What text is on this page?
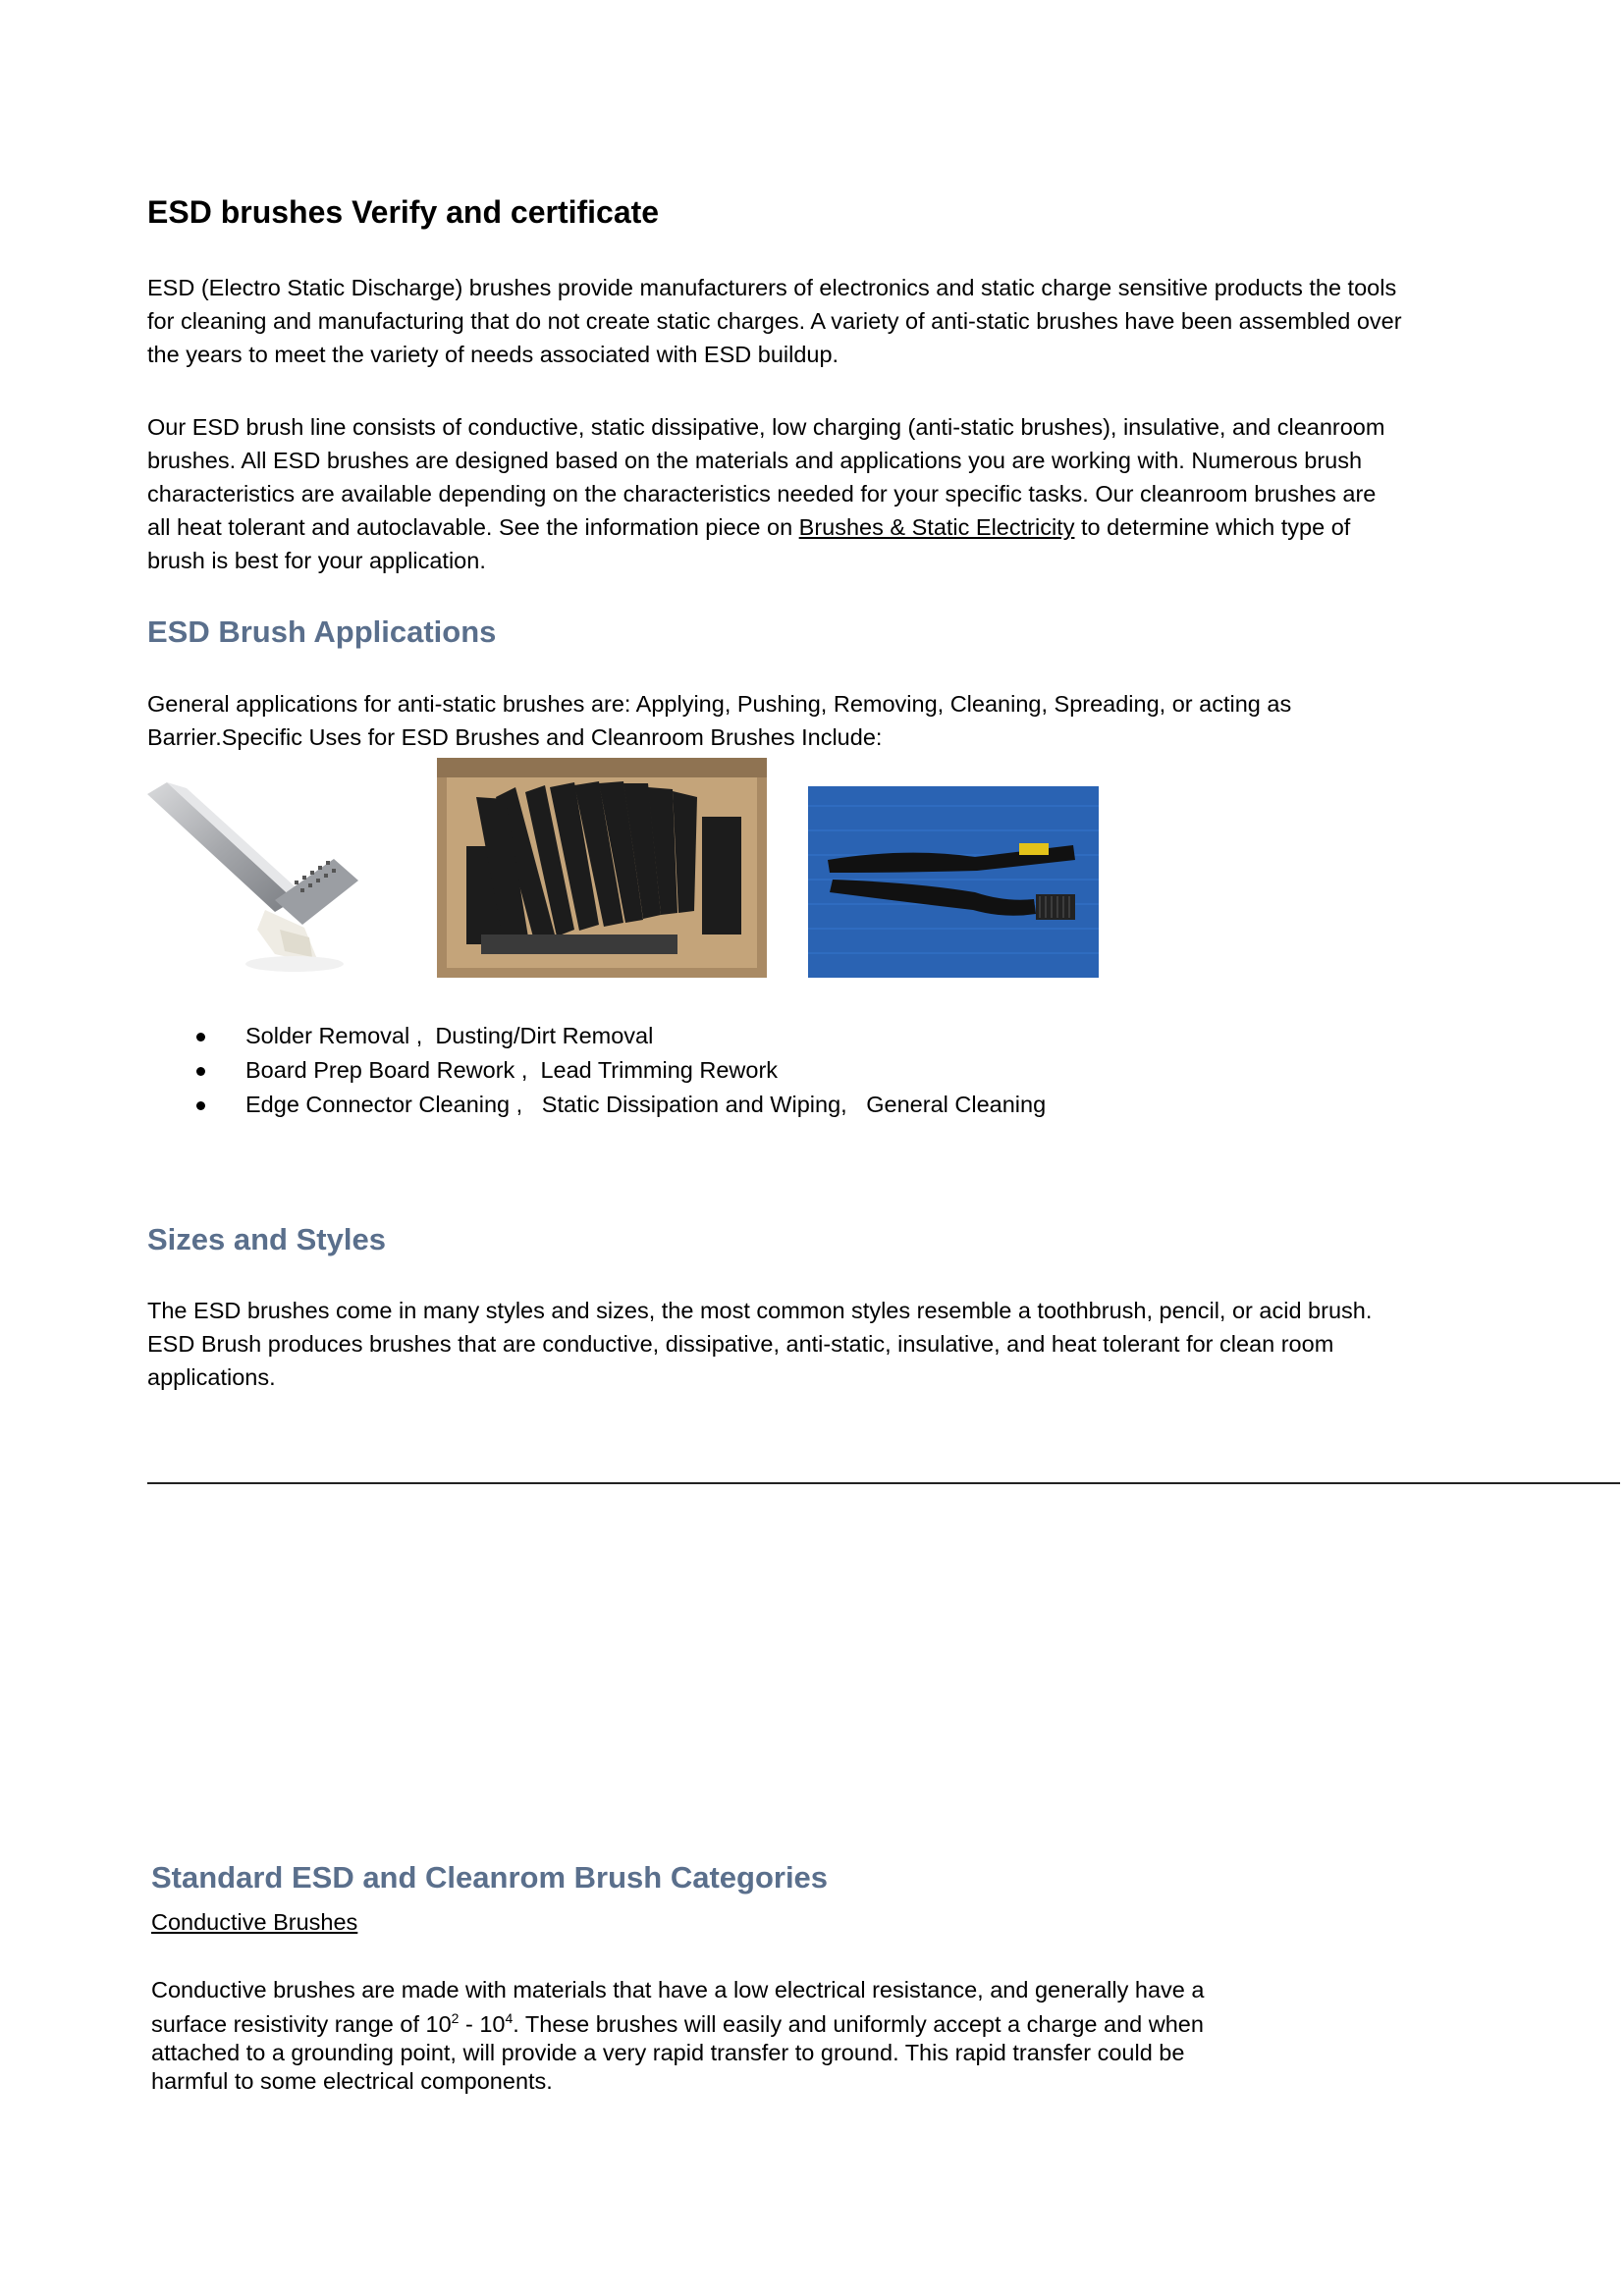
ESD brushes Verify and certificate

ESD (Electro Static Discharge) brushes provide manufacturers of electronics and static charge sensitive products the tools

for cleaning and manufacturing that do not create static charges. A variety of anti-static brushes have been assembled over

the years to meet the variety of needs associated with ESD buildup.

Our ESD brush line consists of conductive, static dissipative, low charging (anti-static brushes), insulative, and cleanroom

brushes. All ESD brushes are designed based on the materials and applications you are working with. Numerous brush

characteristics are available depending on the characteristics needed for your specific tasks. Our cleanroom brushes are

all heat tolerant and autoclavable. See the information piece on Brushes & Static Electricity to determine which type of

brush is best for your application.

ESD Brush Applications

General applications for anti-static brushes are: Applying, Pushing, Removing, Cleaning, Spreading, or acting as

Barrier.Specific Uses for ESD Brushes and Cleanroom Brushes Include:

Solder Removal , Dusting/Dirt Removal
Board Prep Board Rework , Lead Trimming Rework
Edge Connector Cleaning , Static Dissipation and Wiping, General Cleaning
Sizes and Styles

The ESD brushes come in many styles and sizes, the most common styles resemble a toothbrush, pencil, or acid brush.

ESD Brush produces brushes that are conductive, dissipative, anti-static, insulative, and heat tolerant for clean room

applications.

Standard ESD and Cleanrom Brush Categories
Conductive Brushes
Conductive brushes are made with materials that have a low electrical resistance, and generally have a
surface resistivity range of $10^2 - 10^4$. These brushes will easily and uniformly accept a charge and when
attached to a grounding point, will provide a very rapid transfer to ground. This rapid transfer could be
harmful to some electrical components.
